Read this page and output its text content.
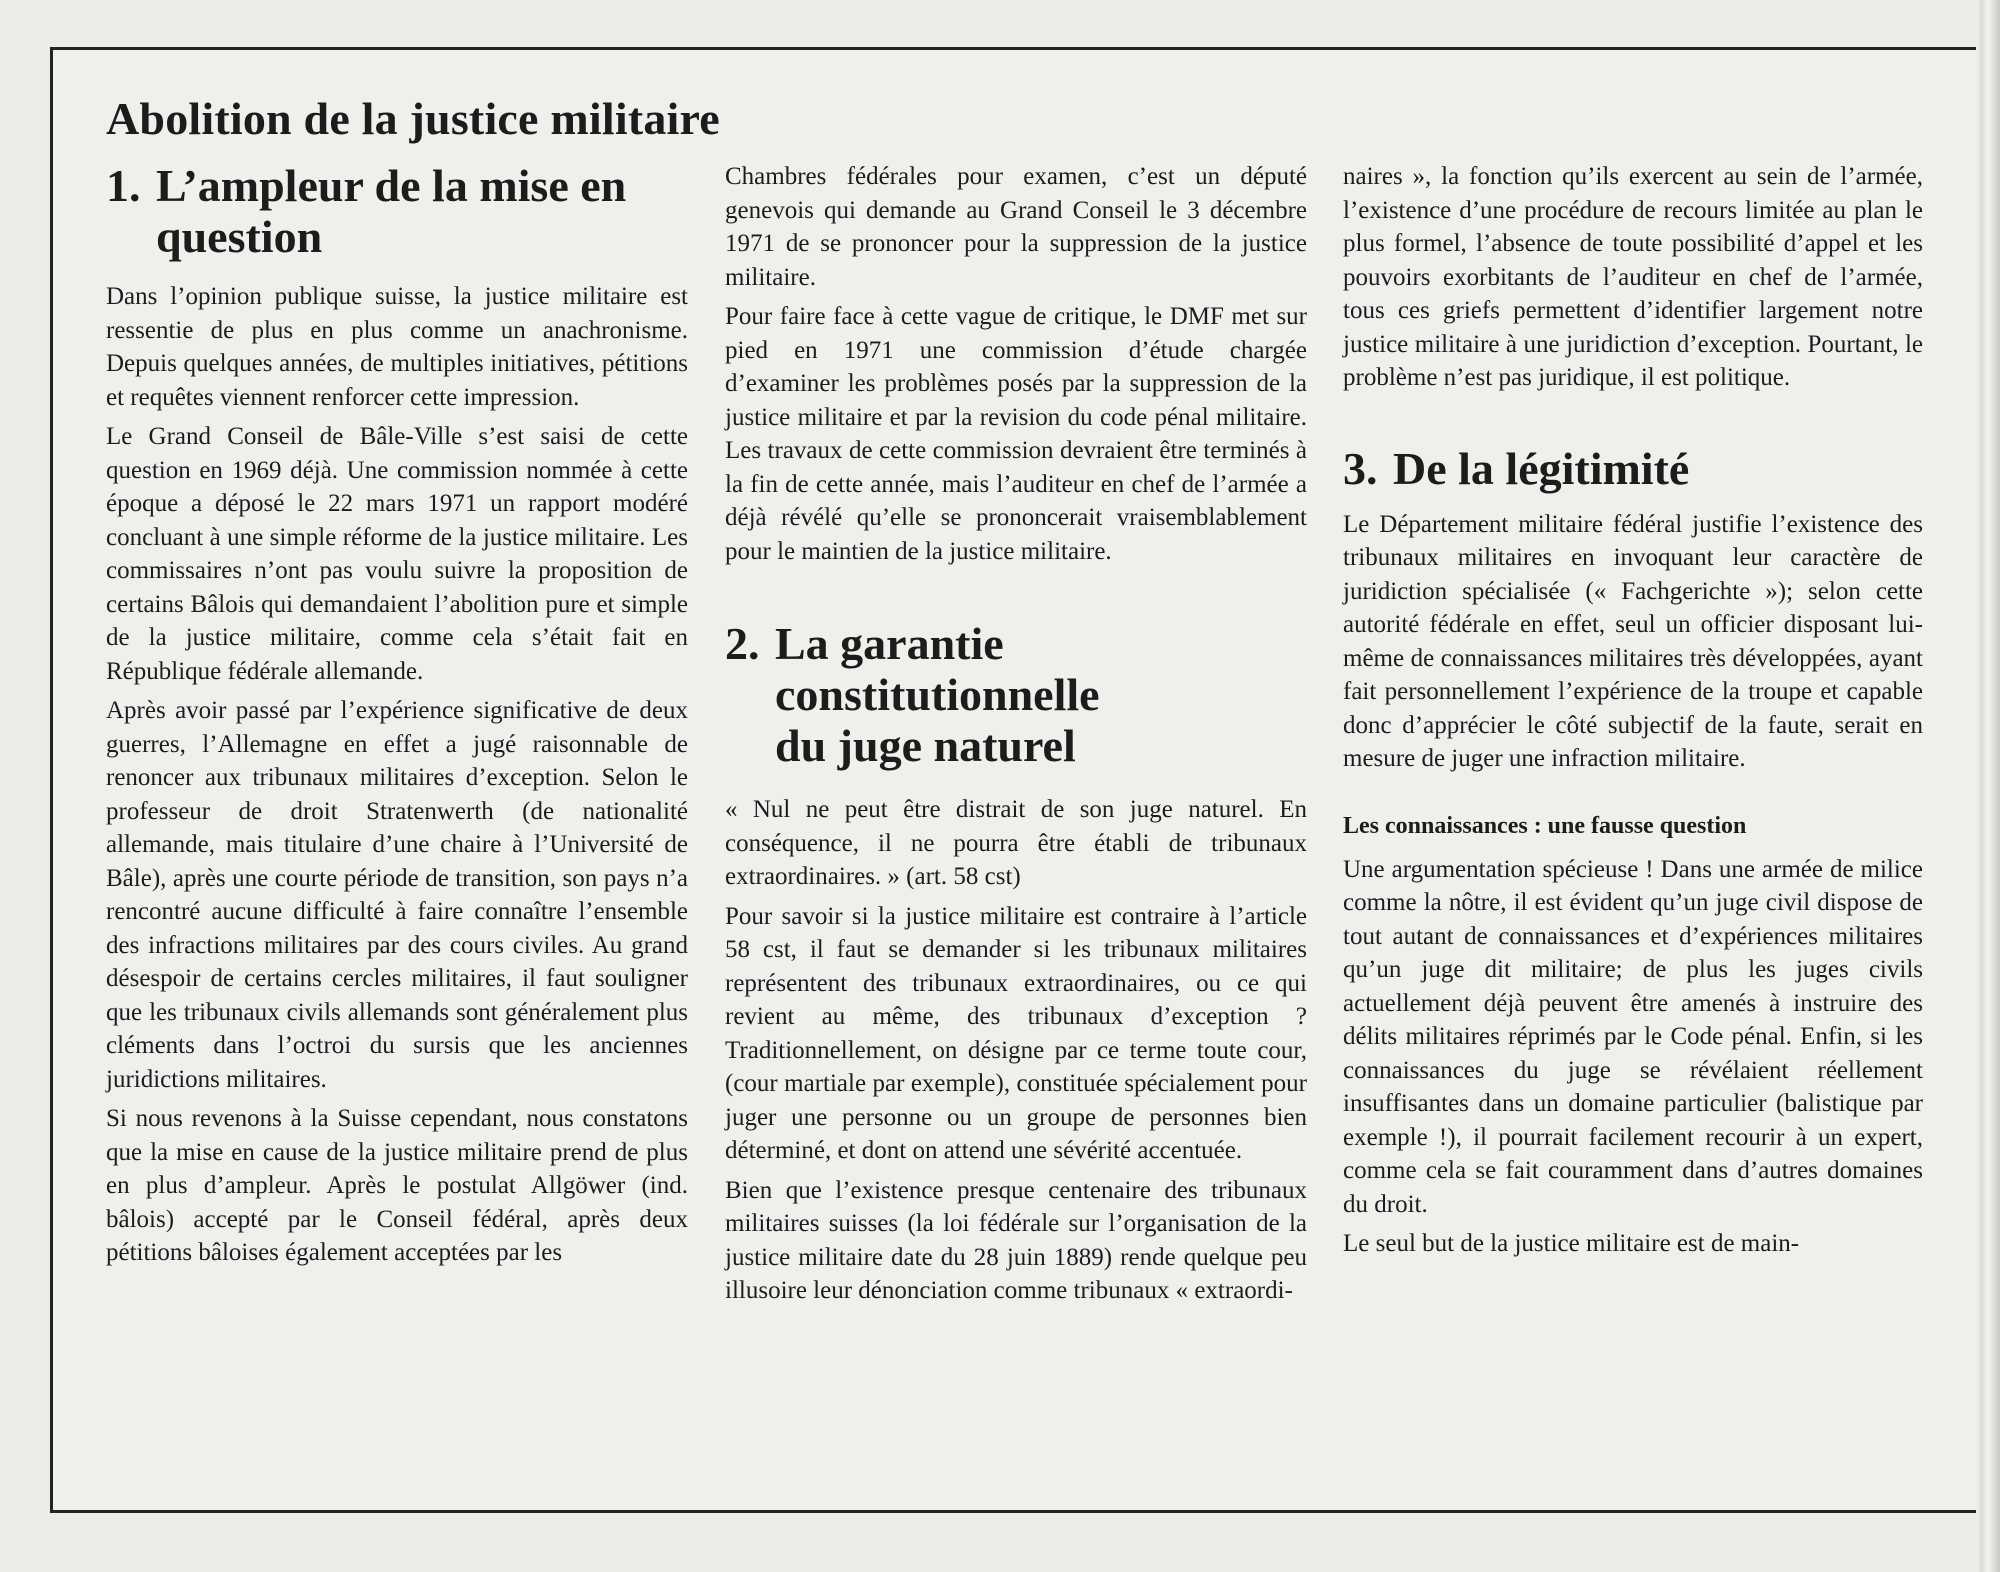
Abolition de la justice militaire
1. L’ampleur de la mise en question

Dans l’opinion publique suisse, la justice militaire est ressentie de plus en plus comme un anachronisme. Depuis quelques années, de multiples initiatives, pétitions et requêtes viennent renforcer cette impression.

Le Grand Conseil de Bâle-Ville s’est saisi de cette question en 1969 déjà. Une commission nommée à cette époque a déposé le 22 mars 1971 un rapport modéré concluant à une simple réforme de la justice militaire. Les commissaires n’ont pas voulu suivre la proposition de certains Bâlois qui demandaient l’abolition pure et simple de la justice militaire, comme cela s’était fait en République fédérale allemande.

Après avoir passé par l’expérience significative de deux guerres, l’Allemagne en effet a jugé raisonnable de renoncer aux tribunaux militaires d’exception. Selon le professeur de droit Stratenwerth (de nationalité allemande, mais titulaire d’une chaire à l’Université de Bâle), après une courte période de transition, son pays n’a rencontré aucune difficulté à faire connaître l’ensemble des infractions militaires par des cours civiles. Au grand désespoir de certains cercles militaires, il faut souligner que les tribunaux civils allemands sont généralement plus cléments dans l’octroi du sursis que les anciennes juridictions militaires.

Si nous revenons à la Suisse cependant, nous constatons que la mise en cause de la justice militaire prend de plus en plus d’ampleur. Après le postulat Allgöwer (ind. bâlois) accepté par le Conseil fédéral, après deux pétitions bâloises également acceptées par les

Chambres fédérales pour examen, c’est un député genevois qui demande au Grand Conseil le 3 décembre 1971 de se prononcer pour la suppression de la justice militaire.

Pour faire face à cette vague de critique, le DMF met sur pied en 1971 une commission d’étude chargée d’examiner les problèmes posés par la suppression de la justice militaire et par la revision du code pénal militaire. Les travaux de cette commission devraient être terminés à la fin de cette année, mais l’auditeur en chef de l’armée a déjà révélé qu’elle se prononcerait vraisemblablement pour le maintien de la justice militaire.

2. La garantie
constitutionnelle
du juge naturel

« Nul ne peut être distrait de son juge naturel. En conséquence, il ne pourra être établi de tribunaux extraordinaires. » (art. 58 cst)

Pour savoir si la justice militaire est contraire à l’article 58 cst, il faut se demander si les tribunaux militaires représentent des tribunaux extraordinaires, ou ce qui revient au même, des tribunaux d’exception ? Traditionnellement, on désigne par ce terme toute cour, (cour martiale par exemple), constituée spécialement pour juger une personne ou un groupe de personnes bien déterminé, et dont on attend une sévérité accentuée.

Bien que l’existence presque centenaire des tribunaux militaires suisses (la loi fédérale sur l’organisation de la justice militaire date du 28 juin 1889) rende quelque peu illusoire leur dénonciation comme tribunaux « extraordi-

naires », la fonction qu’ils exercent au sein de l’armée, l’existence d’une procédure de recours limitée au plan le plus formel, l’absence de toute possibilité d’appel et les pouvoirs exorbitants de l’auditeur en chef de l’armée, tous ces griefs permettent d’identifier largement notre justice militaire à une juridiction d’exception. Pourtant, le problème n’est pas juridique, il est politique.

3. De la légitimité

Le Département militaire fédéral justifie l’existence des tribunaux militaires en invoquant leur caractère de juridiction spécialisée (« Fachgerichte »); selon cette autorité fédérale en effet, seul un officier disposant lui-même de connaissances militaires très développées, ayant fait personnellement l’expérience de la troupe et capable donc d’apprécier le côté subjectif de la faute, serait en mesure de juger une infraction militaire.

Les connaissances : une fausse question

Une argumentation spécieuse ! Dans une armée de milice comme la nôtre, il est évident qu’un juge civil dispose de tout autant de connaissances et d’expériences militaires qu’un juge dit militaire; de plus les juges civils actuellement déjà peuvent être amenés à instruire des délits militaires réprimés par le Code pénal. Enfin, si les connaissances du juge se révélaient réellement insuffisantes dans un domaine particulier (balistique par exemple !), il pourrait facilement recourir à un expert, comme cela se fait couramment dans d’autres domaines du droit.

Le seul but de la justice militaire est de main-
